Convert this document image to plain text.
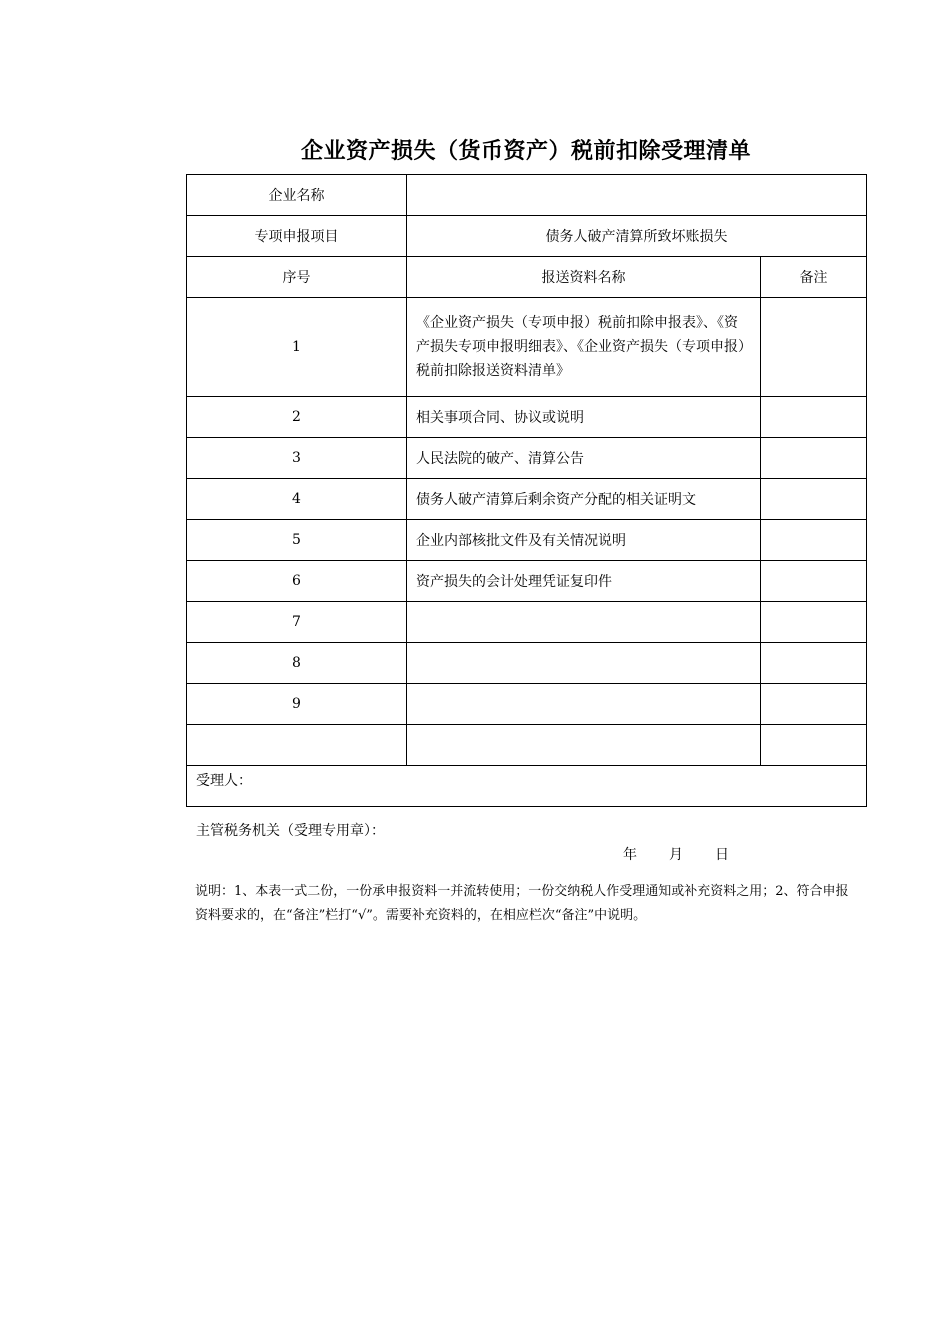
企业资产损失（货币资产）税前扣除受理清单
企业名称		
专项申报项目	债务人破产清算所致坏账损失	
序号	报送资料名称	备注
1	《企业资产损失（专项申报）税前扣除申报表》、《资产损失专项申报明细表》、《企业资产损失（专项申报）税前扣除报送资料清单》	
2	相关事项合同、协议或说明	
3	人民法院的破产、清算公告	
4	债务人破产清算后剩余资产分配的相关证明文	
5	企业内部核批文件及有关情况说明	
6	资产损失的会计处理凭证复印件	
7		
8		
9		

受理人：
主管税务机关（受理专用章）：
年 月 日		
说明：1、本表一式二份，一份承申报资料一并流转使用；一份交纳税人作受理通知或补充资料之用；2、符合申报资料要求的，在“备注”栏打“√”。需要补充资料的，在相应栏次“备注”中说明。
